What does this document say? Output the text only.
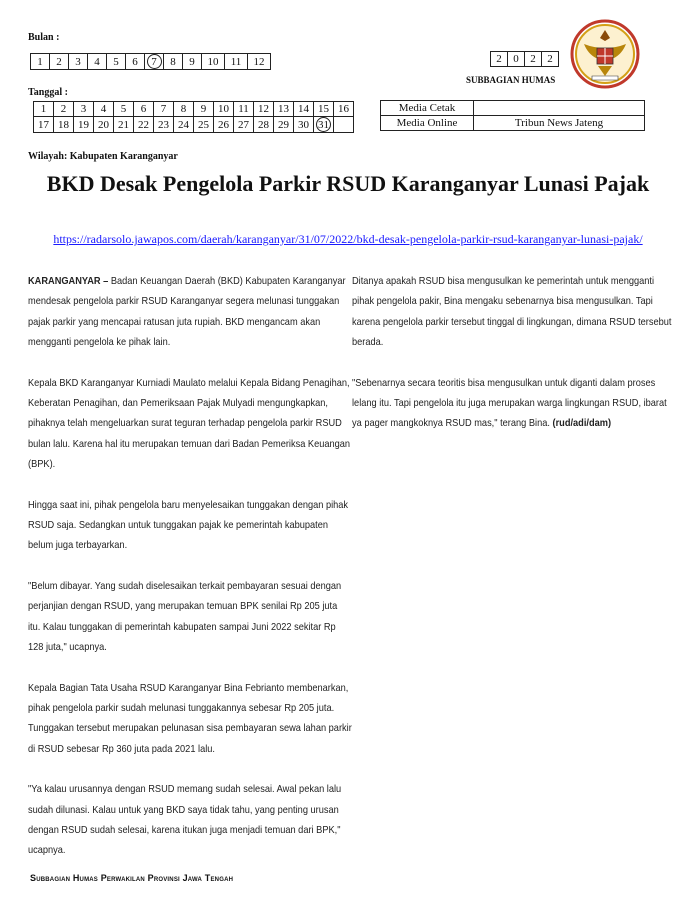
Bulan :
1	2	3	4	5	6	7	8	9	10	11	12	2	0	2	2
SUBBAGIAN HUMAS
Tanggal :
1	2	3	4	5	6	7	8	9	10	11	12	13	14	15	16
17	18	19	20	21	22	23	24	25	26	27	28	29	30	31	
Media Cetak	
Media Online	Tribun News Jateng
Wilayah: Kabupaten Karanganyar
BKD Desak Pengelola Parkir RSUD Karanganyar Lunasi Pajak
https://radarsolo.jawapos.com/daerah/karanganyar/31/07/2022/bkd-desak-pengelola-parkir-rsud-karanganyar-lunasi-pajak/

KARANGANYAR – Badan Keuangan Daerah (BKD) Kabupaten Karanganyar mendesak pengelola parkir RSUD Karanganyar segera melunasi tunggakan pajak parkir yang mencapai ratusan juta rupiah. BKD mengancam akan mengganti pengelola ke pihak lain.

Kepala BKD Karanganyar Kurniadi Maulato melalui Kepala Bidang Penagihan, Keberatan Penagihan, dan Pemeriksaan Pajak Mulyadi mengungkapkan, pihaknya telah mengeluarkan surat teguran terhadap pengelola parkir RSUD bulan lalu. Karena hal itu merupakan temuan dari Badan Pemeriksa Keuangan (BPK).

Hingga saat ini, pihak pengelola baru menyelesaikan tunggakan dengan pihak RSUD saja. Sedangkan untuk tunggakan pajak ke pemerintah kabupaten belum juga terbayarkan.

"Belum dibayar. Yang sudah diselesaikan terkait pembayaran sesuai dengan perjanjian dengan RSUD, yang merupakan temuan BPK senilai Rp 205 juta itu. Kalau tunggakan di pemerintah kabupaten sampai Juni 2022 sekitar Rp 128 juta," ucapnya.

Kepala Bagian Tata Usaha RSUD Karanganyar Bina Febrianto membenarkan, pihak pengelola parkir sudah melunasi tunggakannya sebesar Rp 205 juta. Tunggakan tersebut merupakan pelunasan sisa pembayaran sewa lahan parkir di RSUD sebesar Rp 360 juta pada 2021 lalu.

"Ya kalau urusannya dengan RSUD memang sudah selesai. Awal pekan lalu sudah dilunasi. Kalau untuk yang BKD saya tidak tahu, yang penting urusan dengan RSUD sudah selesai, karena itukan juga menjadi temuan dari BPK," ucapnya.

Ditanya apakah RSUD bisa mengusulkan ke pemerintah untuk mengganti pihak pengelola pakir, Bina mengaku sebenarnya bisa mengusulkan. Tapi karena pengelola parkir tersebut tinggal di lingkungan, dimana RSUD tersebut berada.

"Sebenarnya secara teoritis bisa mengusulkan untuk diganti dalam proses lelang itu. Tapi pengelola itu juga merupakan warga lingkungan RSUD, ibarat ya pager mangkoknya RSUD mas," terang Bina. (rud/adi/dam)

Subbagian Humas Perwakilan Provinsi Jawa Tengah
